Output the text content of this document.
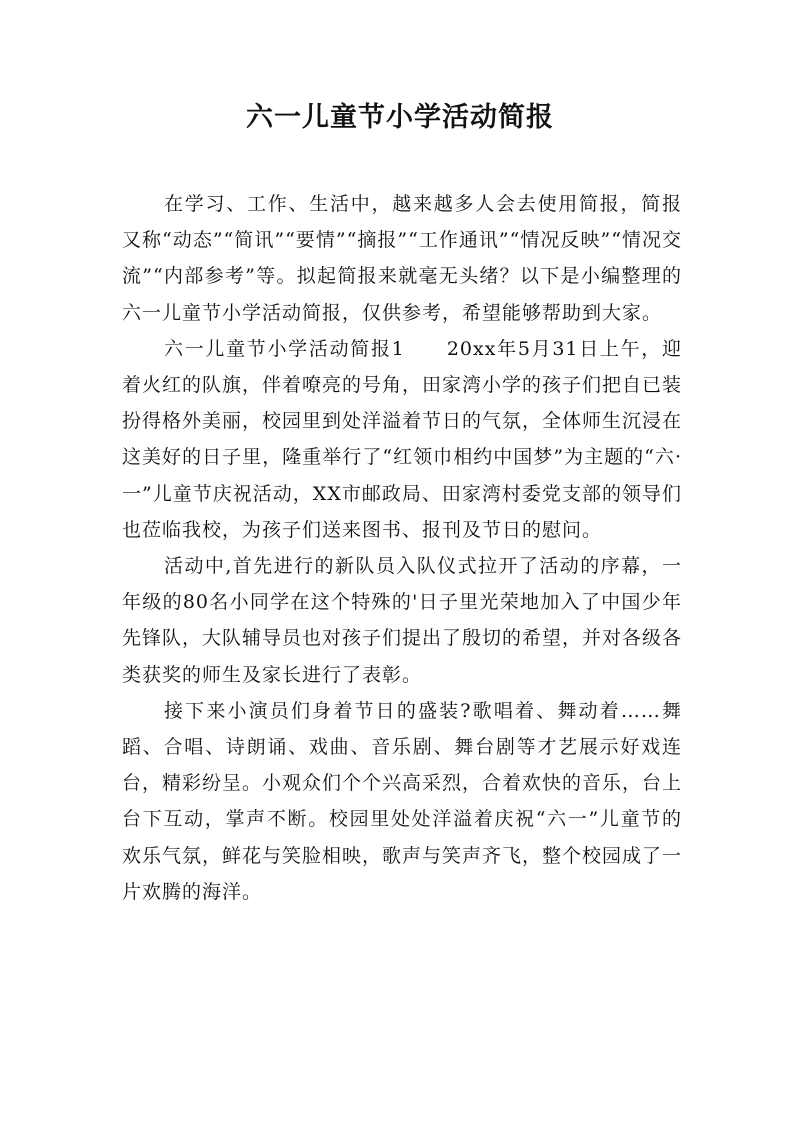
六一儿童节小学活动简报

在学习、工作、生活中，越来越多人会去使用简报，简报又称“动态”“简讯”“要情”“摘报”“工作通讯”“情况反映”“情况交流”“内部参考”等。拟起简报来就毫无头绪？以下是小编整理的六一儿童节小学活动简报，仅供参考，希望能够帮助到大家。

六一儿童节小学活动简报1　　20xx年5月31日上午，迎着火红的队旗，伴着嘹亮的号角，田家湾小学的孩子们把自已装扮得格外美丽，校园里到处洋溢着节日的气氛，全体师生沉浸在这美好的日子里，隆重举行了“红领巾相约中国梦”为主题的“六·一”儿童节庆祝活动，XX市邮政局、田家湾村委党支部的领导们也莅临我校，为孩子们送来图书、报刊及节日的慰问。

活动中,首先进行的新队员入队仪式拉开了活动的序幕，一年级的80名小同学在这个特殊的'日子里光荣地加入了中国少年先锋队，大队辅导员也对孩子们提出了殷切的希望，并对各级各类获奖的师生及家长进行了表彰。

接下来小演员们身着节日的盛装?歌唱着、舞动着……舞蹈、合唱、诗朗诵、戏曲、音乐剧、舞台剧等才艺展示好戏连台，精彩纷呈。小观众们个个兴高采烈，合着欢快的音乐，台上台下互动，掌声不断。校园里处处洋溢着庆祝“六一”儿童节的欢乐气氛，鲜花与笑脸相映，歌声与笑声齐飞，整个校园成了一片欢腾的海洋。
